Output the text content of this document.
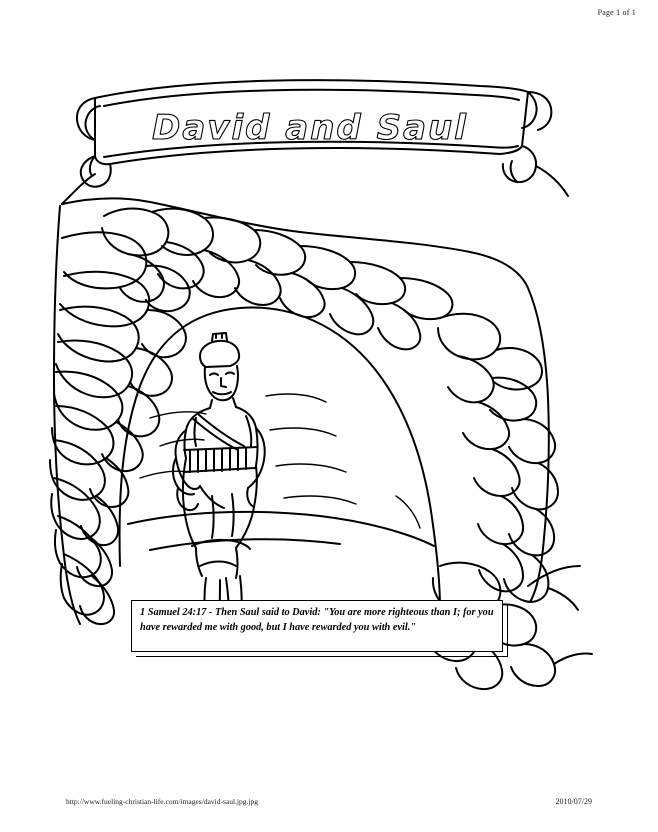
Page 1 of 1
David and Saul
1 Samuel 24:17 - Then Saul said to David: "You are more righteous than I; for you have rewarded me with good, but I have rewarded you with evil."
http://www.fueling-christian-life.com/images/david-saul.jpg.jpg	2010/07/29
